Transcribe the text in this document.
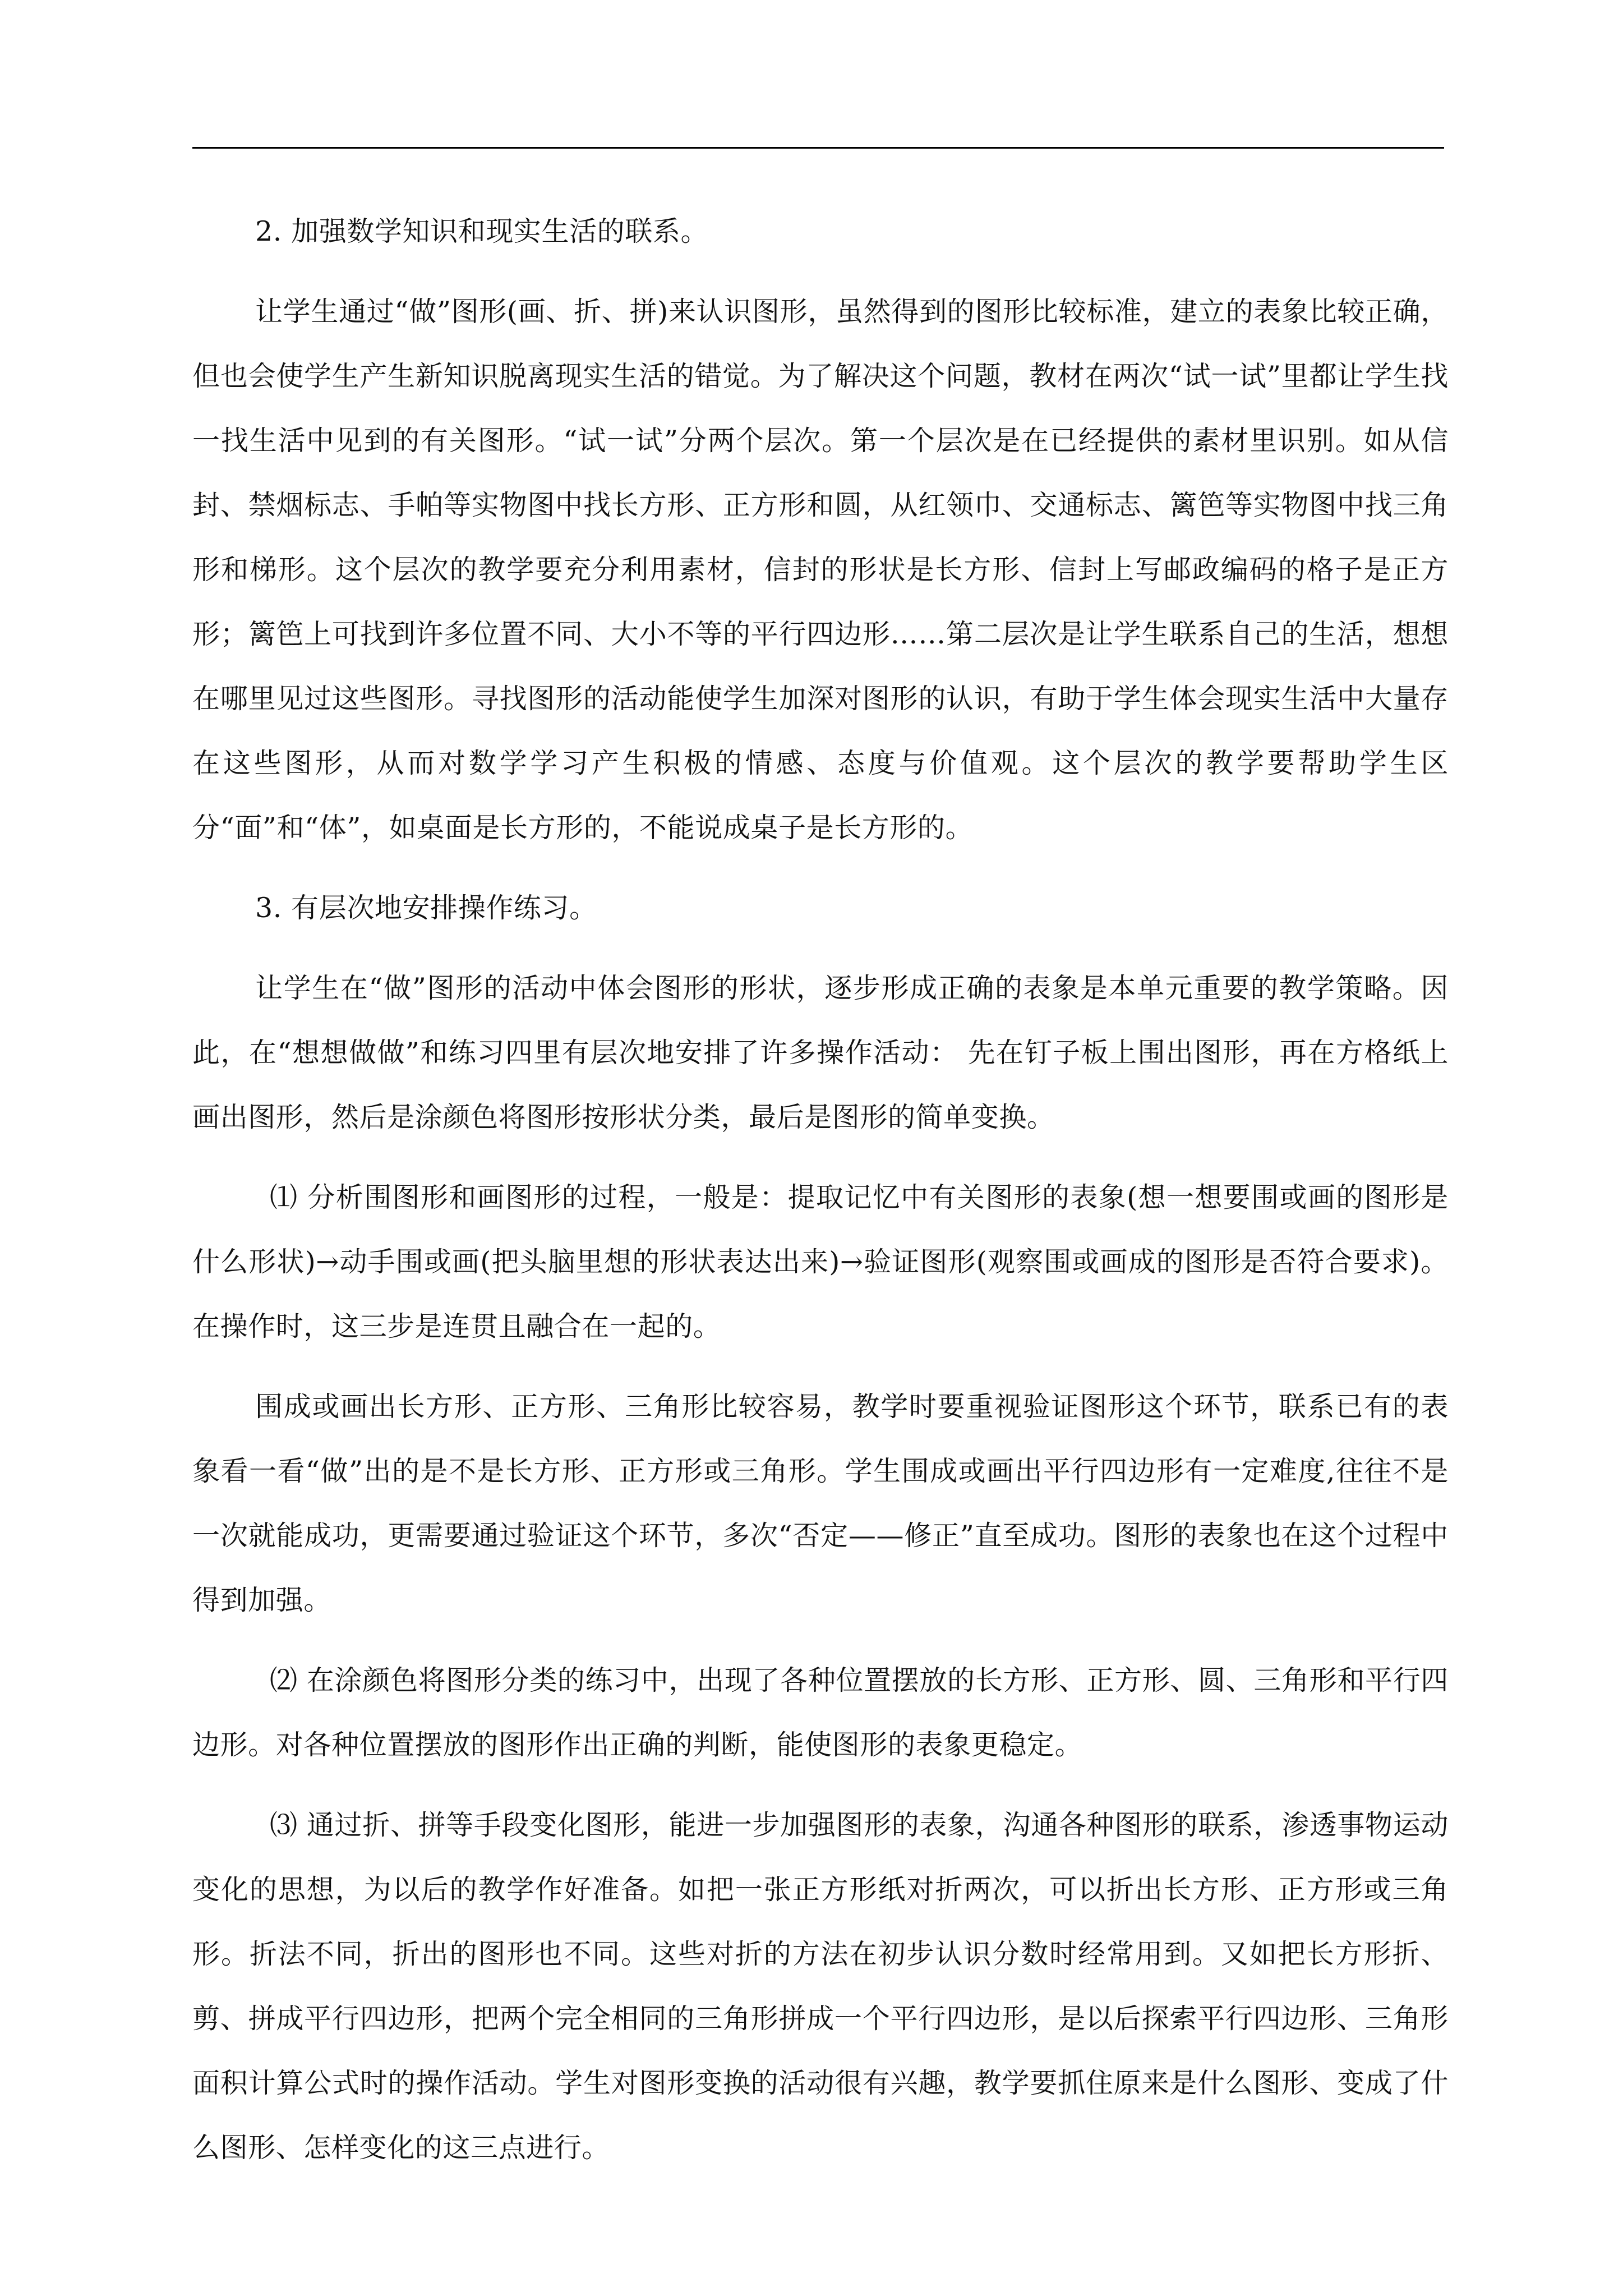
2. 加强数学知识和现实生活的联系。

让学生通过“做”图形(画、折、拼)来认识图形，虽然得到的图形比较标准，建立的表象比较正确，但也会使学生产生新知识脱离现实生活的错觉。为了解决这个问题，教材在两次“试一试”里都让学生找一找生活中见到的有关图形。“试一试”分两个层次。第一个层次是在已经提供的素材里识别。如从信封、禁烟标志、手帕等实物图中找长方形、正方形和圆，从红领巾、交通标志、篱笆等实物图中找三角形和梯形。这个层次的教学要充分利用素材，信封的形状是长方形、信封上写邮政编码的格子是正方形；篱笆上可找到许多位置不同、大小不等的平行四边形……第二层次是让学生联系自己的生活，想想在哪里见过这些图形。寻找图形的活动能使学生加深对图形的认识，有助于学生体会现实生活中大量存在这些图形，从而对数学学习产生积极的情感、态度与价值观。这个层次的教学要帮助学生区分“面”和“体”，如桌面是长方形的，不能说成桌子是长方形的。

3. 有层次地安排操作练习。

让学生在“做”图形的活动中体会图形的形状，逐步形成正确的表象是本单元重要的教学策略。因此，在“想想做做”和练习四里有层次地安排了许多操作活动： 先在钉子板上围出图形，再在方格纸上画出图形，然后是涂颜色将图形按形状分类，最后是图形的简单变换。

⑴ 分析围图形和画图形的过程，一般是：提取记忆中有关图形的表象(想一想要围或画的图形是什么形状)→动手围或画(把头脑里想的形状表达出来)→验证图形(观察围或画成的图形是否符合要求)。在操作时，这三步是连贯且融合在一起的。

围成或画出长方形、正方形、三角形比较容易，教学时要重视验证图形这个环节，联系已有的表象看一看“做”出的是不是长方形、正方形或三角形。学生围成或画出平行四边形有一定难度,往往不是一次就能成功，更需要通过验证这个环节，多次“否定——修正”直至成功。图形的表象也在这个过程中得到加强。

⑵ 在涂颜色将图形分类的练习中，出现了各种位置摆放的长方形、正方形、圆、三角形和平行四边形。对各种位置摆放的图形作出正确的判断，能使图形的表象更稳定。

⑶ 通过折、拼等手段变化图形，能进一步加强图形的表象，沟通各种图形的联系，渗透事物运动变化的思想，为以后的教学作好准备。如把一张正方形纸对折两次，可以折出长方形、正方形或三角形。折法不同，折出的图形也不同。这些对折的方法在初步认识分数时经常用到。又如把长方形折、剪、拼成平行四边形，把两个完全相同的三角形拼成一个平行四边形，是以后探索平行四边形、三角形面积计算公式时的操作活动。学生对图形变换的活动很有兴趣，教学要抓住原来是什么图形、变成了什么图形、怎样变化的这三点进行。
